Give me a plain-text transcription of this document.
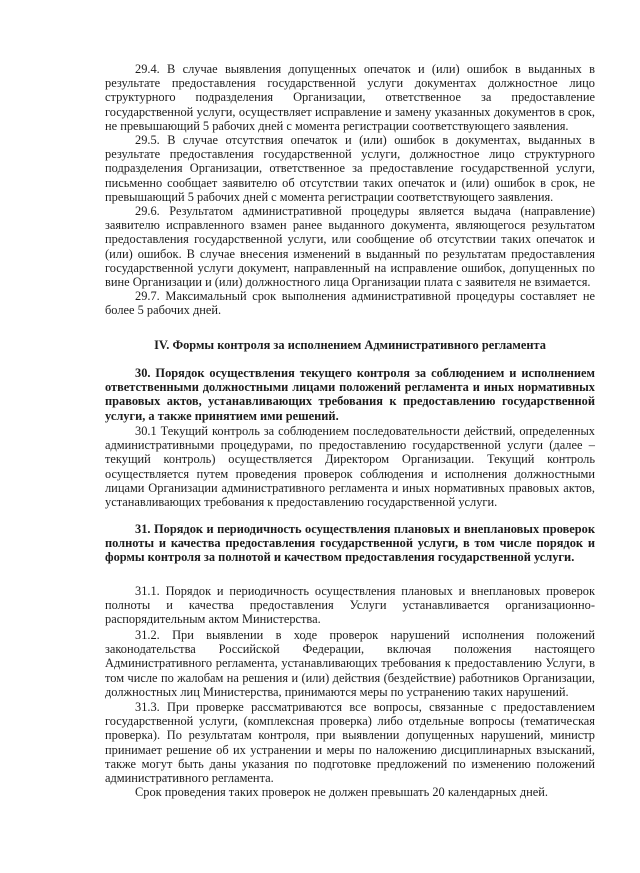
29.4. В случае выявления допущенных опечаток и (или) ошибок в выданных в результате предоставления государственной услуги документах должностное лицо структурного подразделения Организации, ответственное за предоставление государственной услуги, осуществляет исправление и замену указанных документов в срок, не превышающий 5 рабочих дней с момента регистрации соответствующего заявления.

29.5. В случае отсутствия опечаток и (или) ошибок в документах, выданных в результате предоставления государственной услуги, должностное лицо структурного подразделения Организации, ответственное за предоставление государственной услуги, письменно сообщает заявителю об отсутствии таких опечаток и (или) ошибок в срок, не превышающий 5 рабочих дней с момента регистрации соответствующего заявления.

29.6. Результатом административной процедуры является выдача (направление) заявителю исправленного взамен ранее выданного документа, являющегося результатом предоставления государственной услуги, или сообщение об отсутствии таких опечаток и (или) ошибок. В случае внесения изменений в выданный по результатам предоставления государственной услуги документ, направленный на исправление ошибок, допущенных по вине Организации и (или) должностного лица Организации плата с заявителя не взимается.

29.7. Максимальный срок выполнения административной процедуры составляет не более 5 рабочих дней.

IV. Формы контроля за исполнением Административного регламента

30. Порядок осуществления текущего контроля за соблюдением и исполнением ответственными должностными лицами положений регламента и иных нормативных правовых актов, устанавливающих требования к предоставлению государственной услуги, а также принятием ими решений.

30.1 Текущий контроль за соблюдением последовательности действий, определенных административными процедурами, по предоставлению государственной услуги (далее – текущий контроль) осуществляется Директором Организации. Текущий контроль осуществляется путем проведения проверок соблюдения и исполнения должностными лицами Организации административного регламента и иных нормативных правовых актов, устанавливающих требования к предоставлению государственной услуги.

31. Порядок и периодичность осуществления плановых и внеплановых проверок полноты и качества предоставления государственной услуги, в том числе порядок и формы контроля за полнотой и качеством предоставления государственной услуги.

31.1. Порядок и периодичность осуществления плановых и внеплановых проверок полноты и качества предоставления Услуги устанавливается организационно-распорядительным актом Министерства.

31.2. При выявлении в ходе проверок нарушений исполнения положений законодательства Российской Федерации, включая положения настоящего Административного регламента, устанавливающих требования к предоставлению Услуги, в том числе по жалобам на решения и (или) действия (бездействие) работников Организации, должностных лиц Министерства, принимаются меры по устранению таких нарушений.

31.3. При проверке рассматриваются все вопросы, связанные с предоставлением государственной услуги, (комплексная проверка) либо отдельные вопросы (тематическая проверка). По результатам контроля, при выявлении допущенных нарушений, министр принимает решение об их устранении и меры по наложению дисциплинарных взысканий, также могут быть даны указания по подготовке предложений по изменению положений административного регламента.

Срок проведения таких проверок не должен превышать 20 календарных дней.
